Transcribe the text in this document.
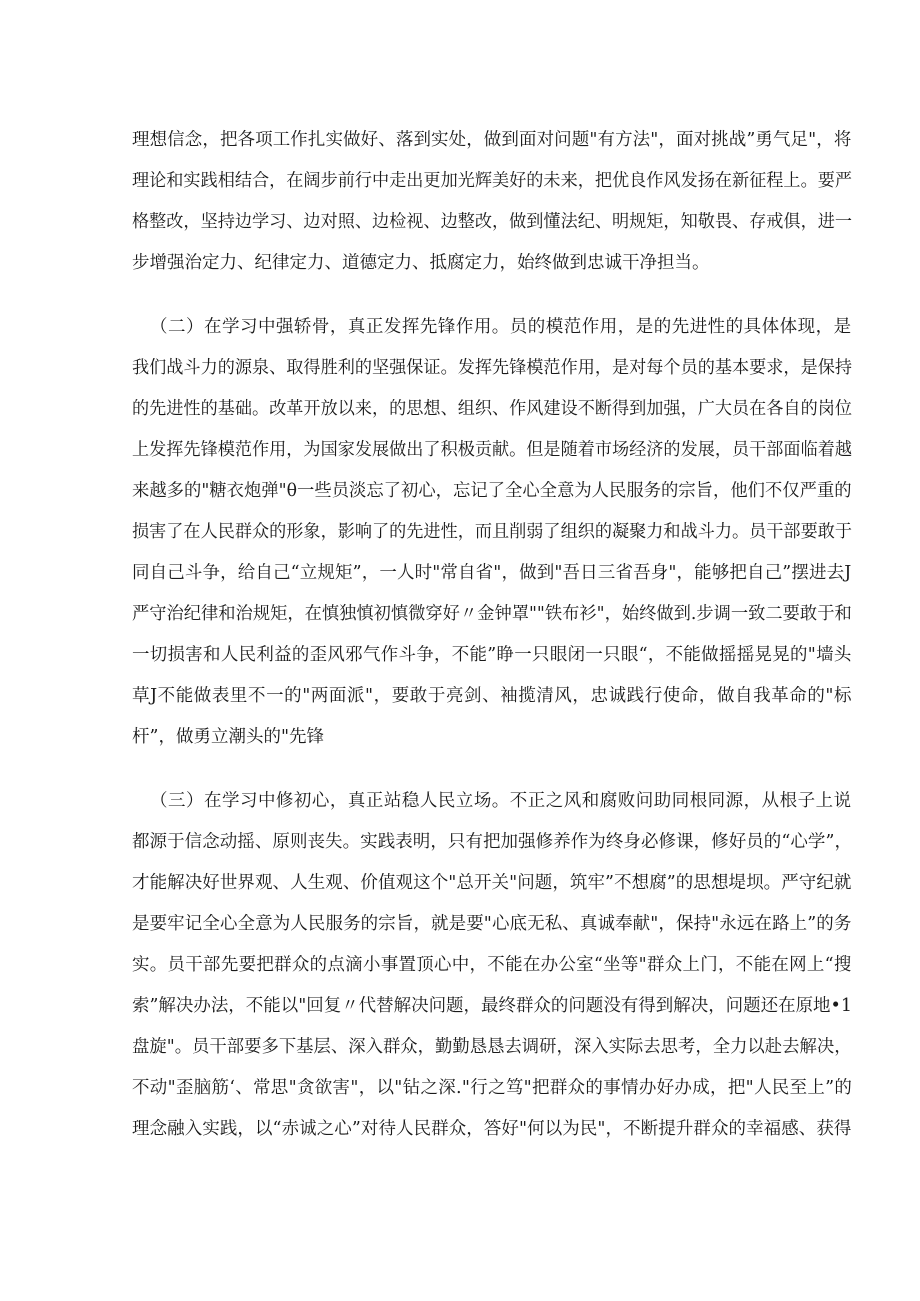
理想信念，把各项工作扎实做好、落到实处，做到面对问题"有方法"，面对挑战”勇气足"，将
理论和实践相结合，在阔步前行中走出更加光辉美好的未来，把优良作风发扬在新征程上。要严
格整改，坚持边学习、边对照、边检视、边整改，做到懂法纪、明规矩，知敬畏、存戒俱，进一
步增强治定力、纪律定力、道德定力、抵腐定力，始终做到忠诚干净担当。
（二）在学习中强轿骨，真正发挥先锋作用。员的模范作用，是的先进性的具体体现，是
我们战斗力的源泉、取得胜利的坚强保证。发挥先锋模范作用，是对每个员的基本要求，是保持
的先进性的基础。改革开放以来，的思想、组织、作风建设不断得到加强，广大员在各自的岗位
上发挥先锋模范作用，为国家发展做出了积极贡献。但是随着市场经济的发展，员干部面临着越
来越多的"糖衣炮弹"θ一些员淡忘了初心，忘记了全心全意为人民服务的宗旨，他们不仅严重的
损害了在人民群众的形象，影响了的先进性，而且削弱了组织的凝聚力和战斗力。员干部要敢于
同自己斗争，给自己“立规矩”，一人时"常自省"，做到"吾日三省吾身"，能够把自己”摆进去J
严守治纪律和治规矩，在慎独慎初慎微穿好〃金钟罩""铁布衫"，始终做到.步调一致二要敢于和
一切损害和人民利益的歪风邪气作斗争，不能”睁一只眼闭一只眼“，不能做摇摇晃晃的"墙头
草J不能做表里不一的"两面派"，要敢于亮剑、袖揽清风，忠诚践行使命，做自我革命的"标
杆”，做勇立潮头的"先锋
（三）在学习中修初心，真正站稳人民立场。不正之风和腐败问助同根同源，从根子上说
都源于信念动摇、原则丧失。实践表明，只有把加强修养作为终身必修课，修好员的“心学”，
才能解决好世界观、人生观、价值观这个"总开关"问题，筑牢”不想腐”的思想堤坝。严守纪就
是要牢记全心全意为人民服务的宗旨，就是要"心底无私、真诚奉献"，保持"永远在路上”的务
实。员干部先要把群众的点滴小事置顶心中，不能在办公室“坐等"群众上门，不能在网上“搜
索”解决办法，不能以"回复〃代替解决问题，最终群众的问题没有得到解决，问题还在原地•1
盘旋"。员干部要多下基层、深入群众，勤勤恳恳去调研，深入实际去思考，全力以赴去解决，
不动"歪脑筋‘、常思"贪欲害"，以"钻之深."行之笃"把群众的事情办好办成，把"人民至上”的
理念融入实践，以“赤诚之心”对待人民群众，答好"何以为民"，不断提升群众的幸福感、获得
